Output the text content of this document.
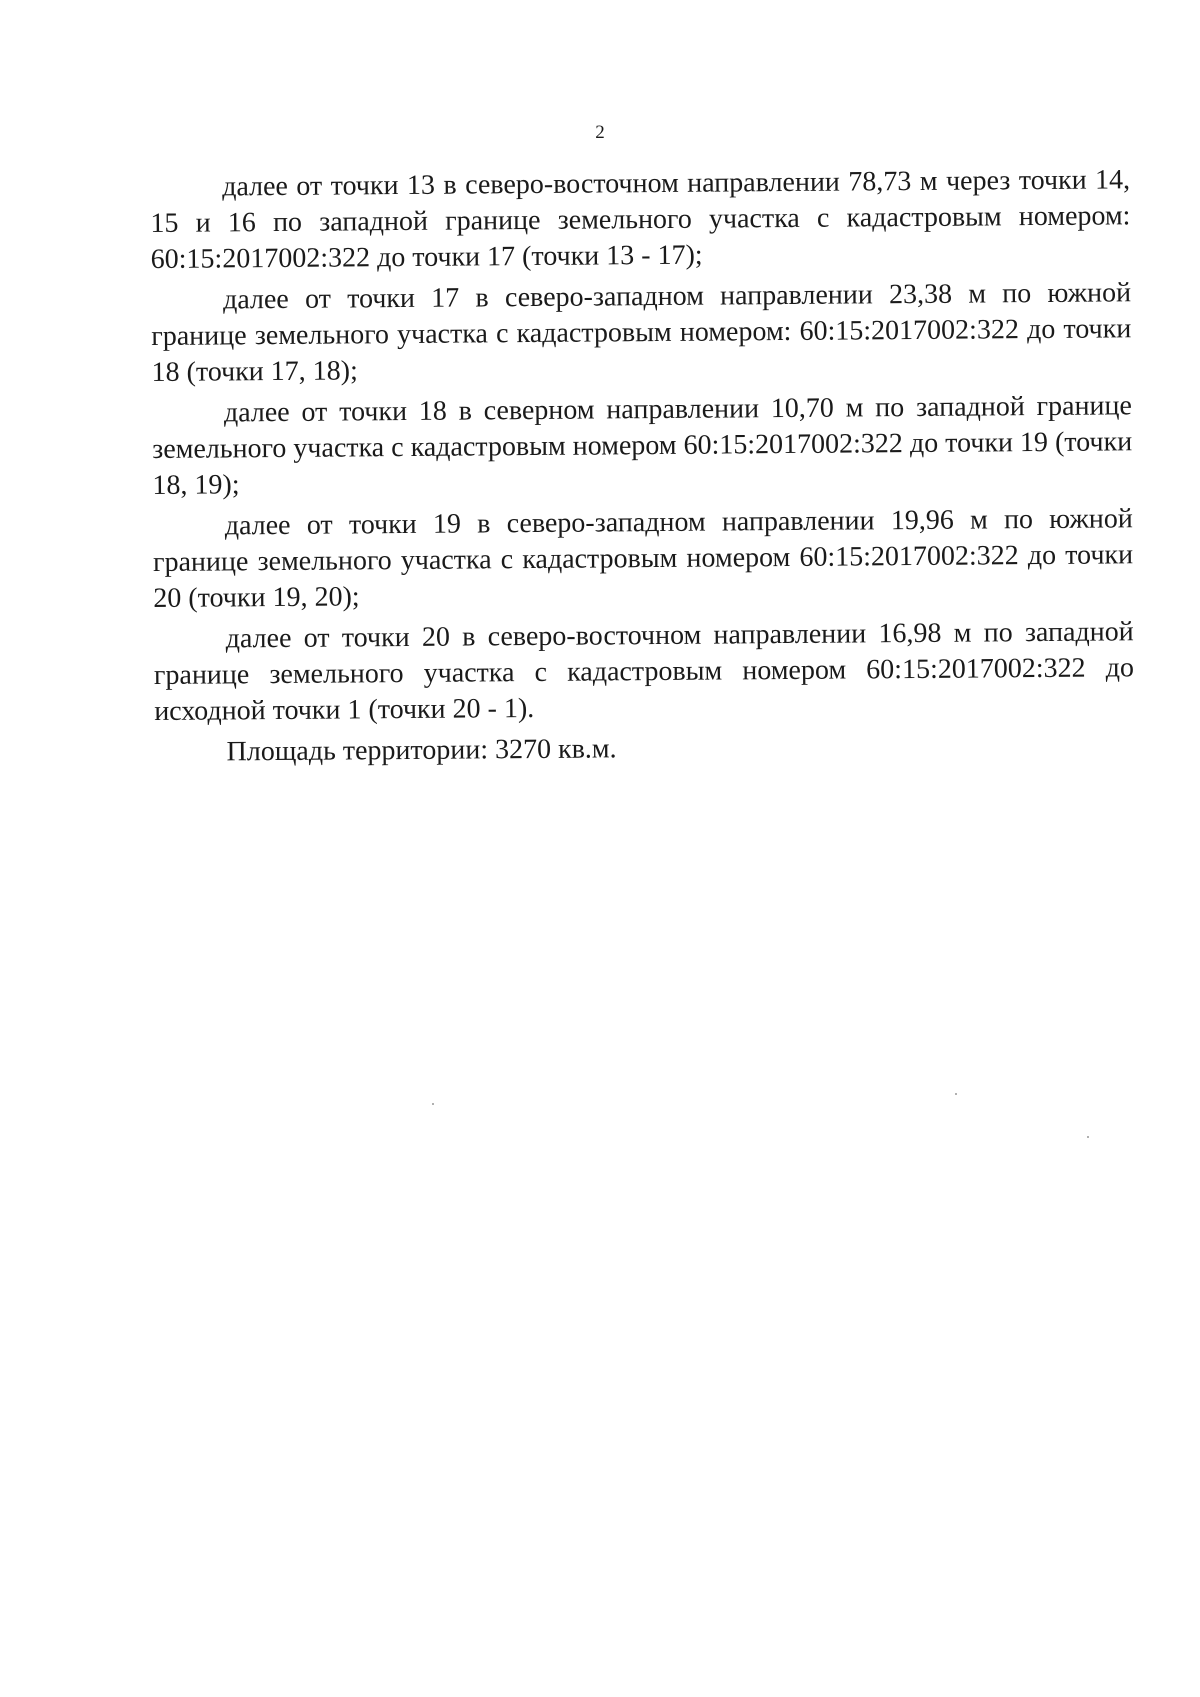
2

далее от точки 13 в северо-восточном направлении 78,73 м через точки 14, 15 и 16 по западной границе земельного участка с кадастровым номером: 60:15:2017002:322 до точки 17 (точки 13 - 17);

далее от точки 17 в северо-западном направлении 23,38 м по южной границе земельного участка с кадастровым номером: 60:15:2017002:322 до точки 18 (точки 17, 18);

далее от точки 18 в северном направлении 10,70 м по западной границе земельного участка с кадастровым номером 60:15:2017002:322 до точки 19 (точки 18, 19);

далее от точки 19 в северо-западном направлении 19,96 м по южной границе земельного участка с кадастровым номером 60:15:2017002:322 до точки 20 (точки 19, 20);

далее от точки 20 в северо-восточном направлении 16,98 м по западной границе земельного участка с кадастровым номером 60:15:2017002:322 до исходной точки 1 (точки 20 - 1).

Площадь территории: 3270 кв.м.
